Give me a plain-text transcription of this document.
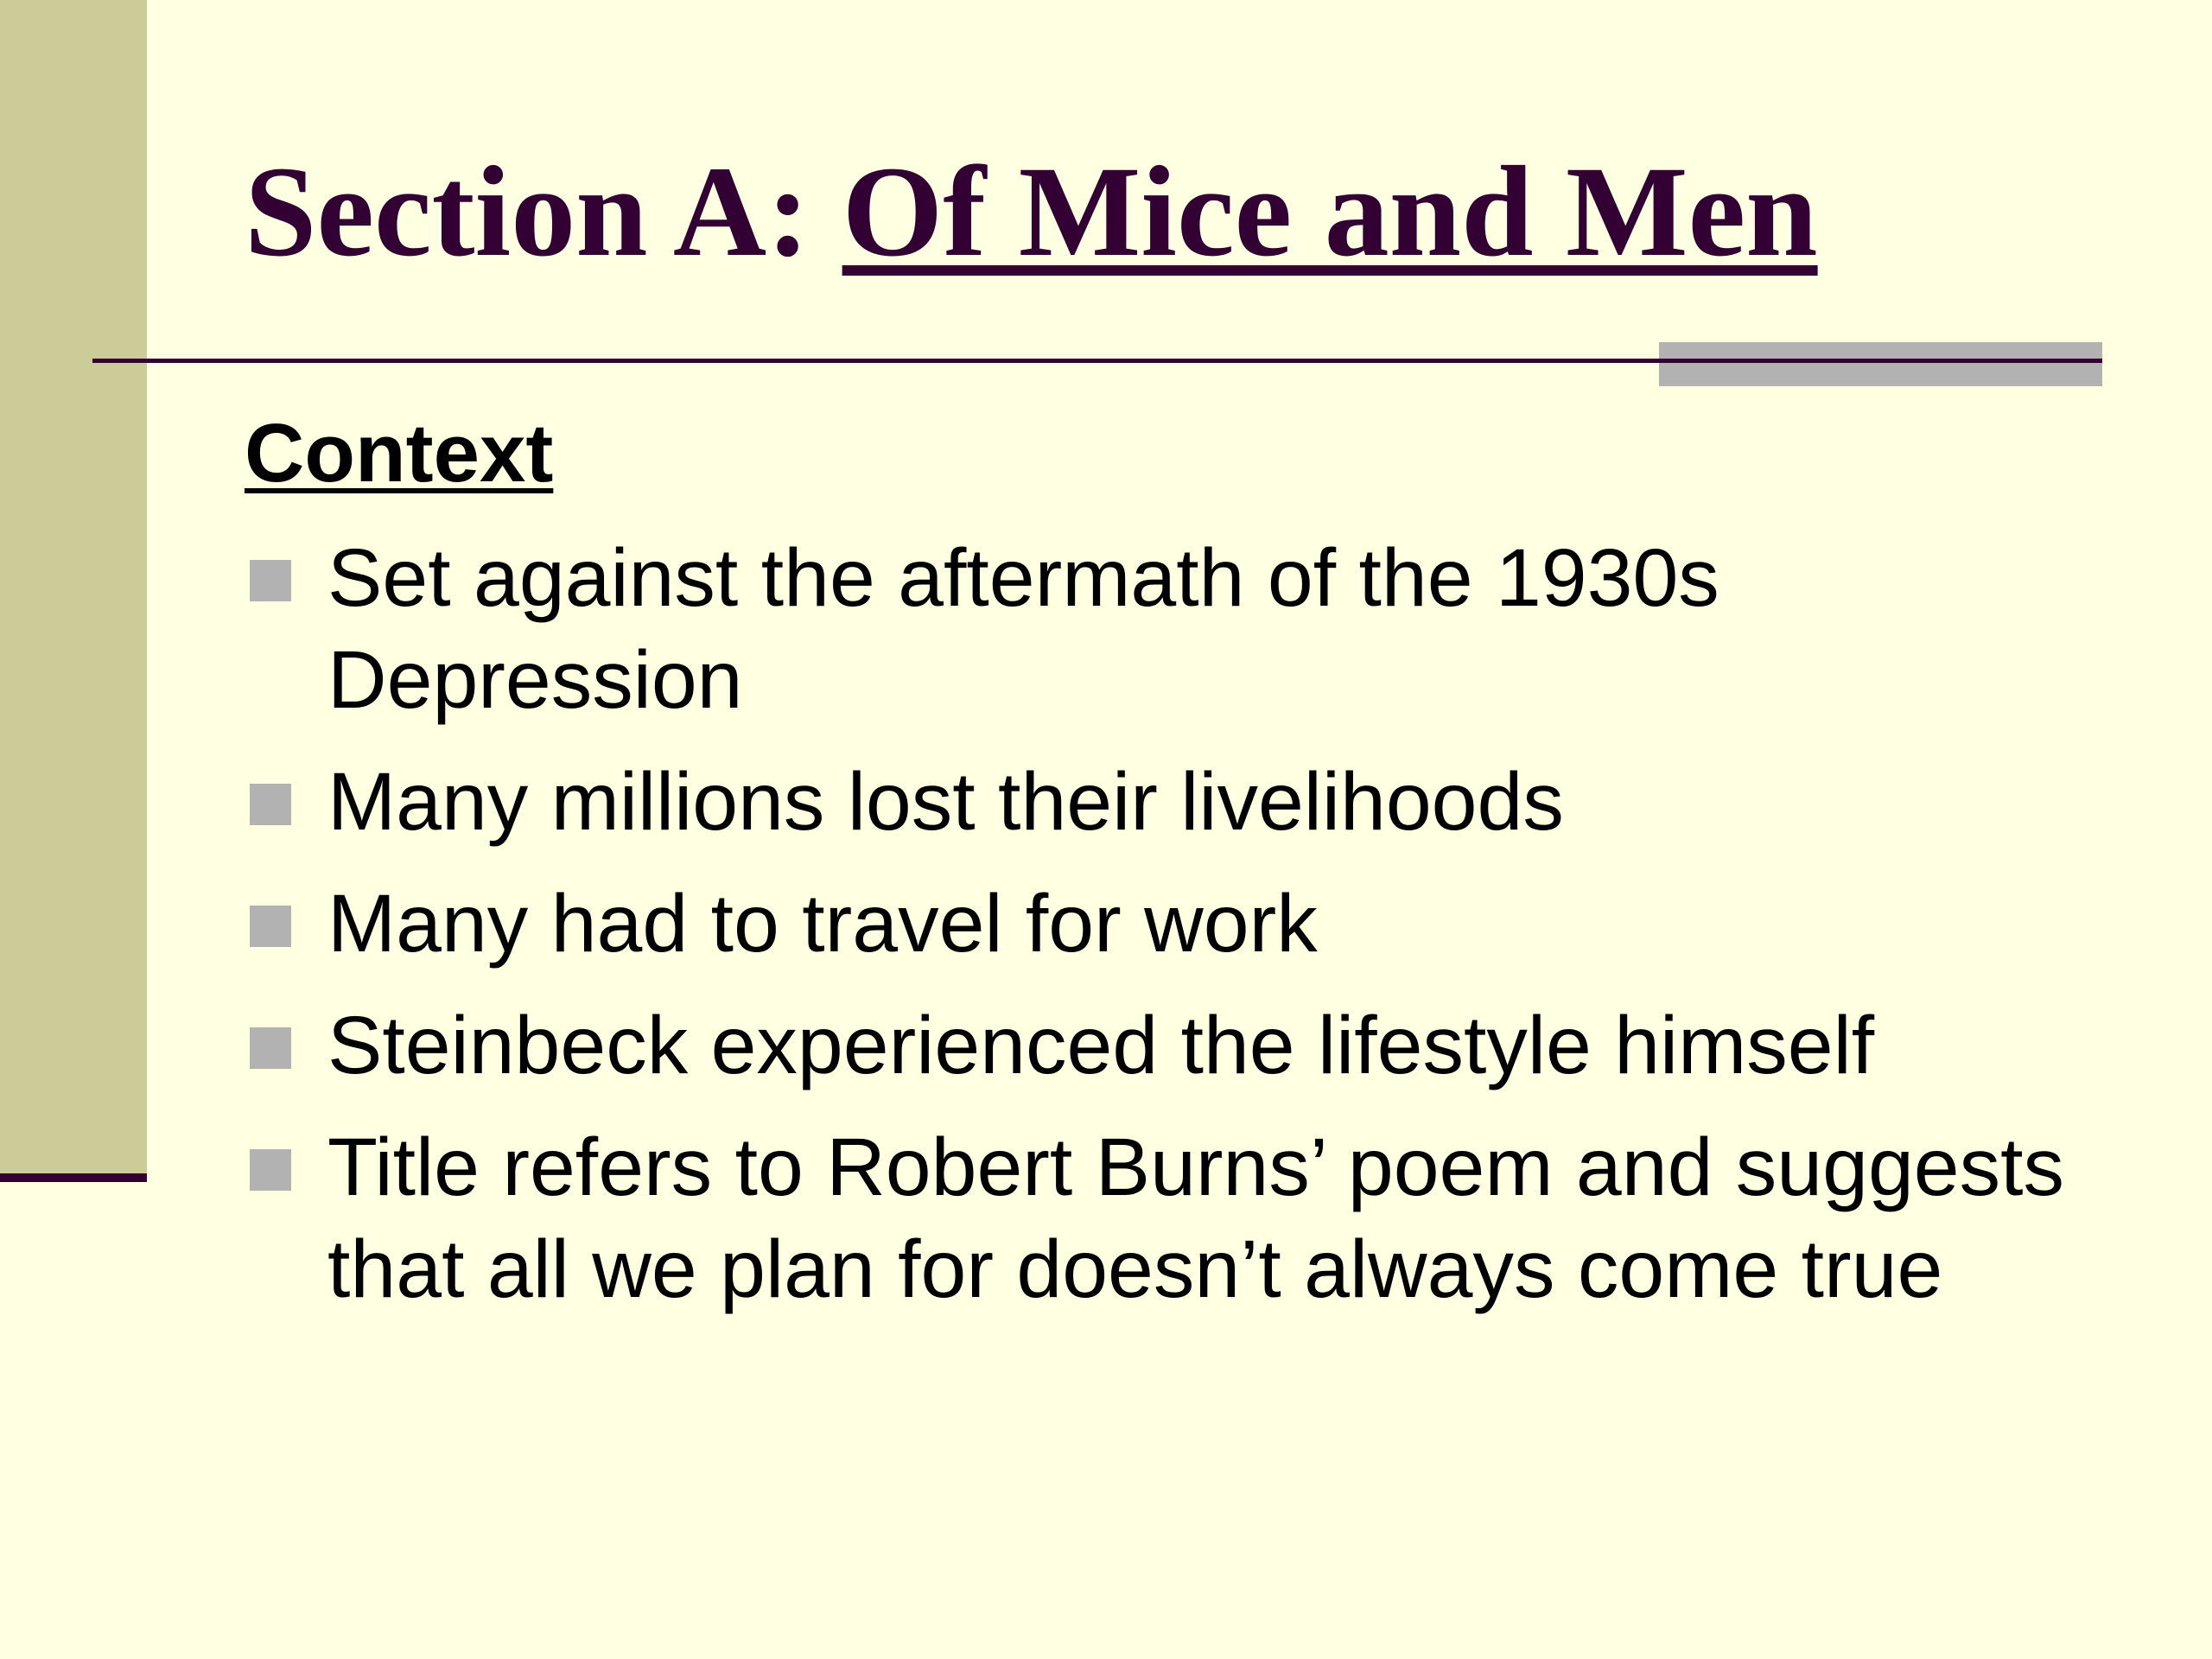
Section A: Of Mice and Men
Context
Set against the aftermath of the 1930s Depression
Many millions lost their livelihoods
Many had to travel for work
Steinbeck experienced the lifestyle himself
Title refers to Robert Burns’ poem and suggests that all we plan for doesn’t always come true
